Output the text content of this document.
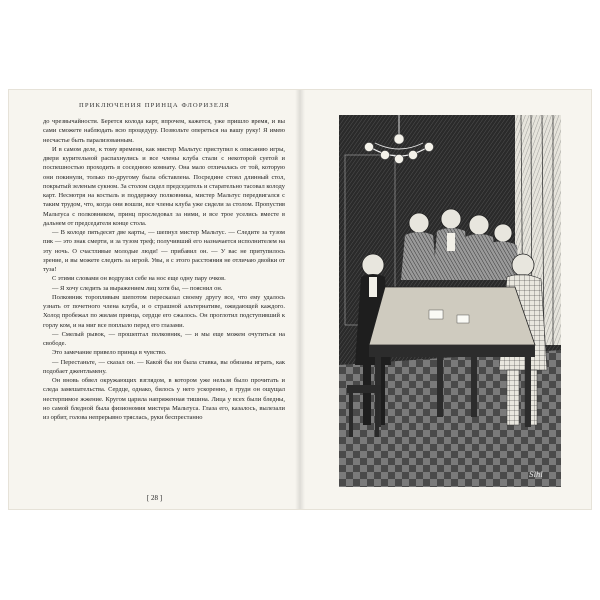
ПРИКЛЮЧЕНИЯ ПРИНЦА ФЛОРИЗЕЛЯ

до чрезвычайности. Берется колода карт, впрочем, кажется, уже пришло время, и вы сами сможете наблюдать всю процедуру. Позвольте опереться на вашу руку! Я имею несчастье быть парализованным.

И в самом деле, к тому времени, как мистер Мальтус приступил к описанию игры, двери курительной распахнулись и все члены клуба стали с некоторой суетой и поспешностью проходить в соседнюю комнату. Она мало отличалась от той, которую они покинули, только по-другому была обставлена. Посредине стоял длинный стол, покрытый зеленым сукном. За столом сидел председатель и старательно тасовал колоду карт. Несмотря на костыль и поддержку полковника, мистер Мальтус передвигался с таким трудом, что, когда они вошли, все члены клуба уже сидели за столом. Пропустив Мальтуса с полковником, принц проследовал за ними, и все трое уселись вместе в дальнем от председателя конце стола.

— В колоде пятьдесят две карты, — шепнул мистер Мальтус. — Следите за тузом пик — это знак смерти, и за тузом треф; получивший его назначается исполнителем на эту ночь. О счастливые молодые люди! — прибавил он. — У вас не притупилось зрение, и вы можете следить за игрой. Увы, я с этого расстояния не отличаю двойки от туза!

С этими словами он водрузил себе на нос еще одну пару очков.

— Я хочу следить за выражением лиц хотя бы, — пояснил он.

Полковник торопливым шепотом пересказал своему другу все, что ему удалось узнать от почетного члена клуба, и о страшной альтернативе, ожидающей каждого. Холод пробежал по жилам принца, сердце его сжалось. Он проглотил подступивший к горлу ком, и на миг все поплыло перед его глазами.

— Смелый рывок, — прошептал полковник, — и мы еще можем очутиться на свободе.

Это замечание привело принца в чувство.

— Перестаньте, — сказал он. — Какой бы ни была ставка, вы обязаны играть, как подобает джентльмену.

Он вновь обвел окружающих взглядом, в котором уже нельзя было прочитать и следа замешательства. Сердце, однако, билось у него ускоренно, в груди он ощущал нестерпимое жжение. Кругом царила напряженная тишина. Лица у всех были бледны, но самой бледной была физиономия мистера Мальтуса. Глаза его, казалось, вылезали из орбит, голова непрерывно тряслась, руки беспрестанно

[ 28 ]
Slhl
